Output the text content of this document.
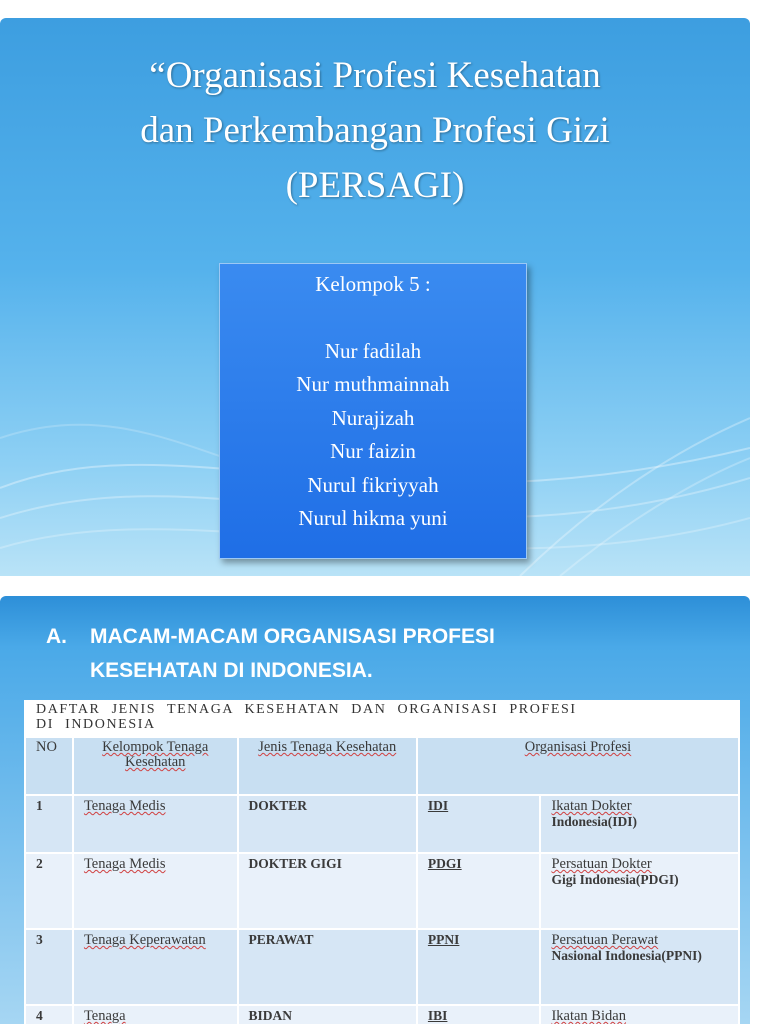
“Organisasi Profesi Kesehatan
dan Perkembangan Profesi Gizi
(PERSAGI)
Kelompok 5 :
Nur fadilah
Nur muthmainnah
Nurajizah
Nur faizin
Nurul fikriyyah
Nurul hikma yuni
A. MACAM-MACAM ORGANISASI PROFESI
KESEHATAN DI INDONESIA.
DAFTAR JENIS TENAGA KESEHATAN DAN ORGANISASI PROFESI
DI INDONESIA
NO	Kelompok Tenaga Kesehatan	Jenis Tenaga Kesehatan	Organisasi Profesi	
1	Tenaga Medis	DOKTER	IDI	Ikatan Dokter
Indonesia(IDI)
2	Tenaga Medis	DOKTER GIGI	PDGI	Persatuan Dokter
Gigi Indonesia(PDGI)
3	Tenaga Keperawatan	PERAWAT	PPNI	Persatuan Perawat
Nasional Indonesia(PPNI)
4	Tenaga	BIDAN	IBI	Ikatan Bidan
